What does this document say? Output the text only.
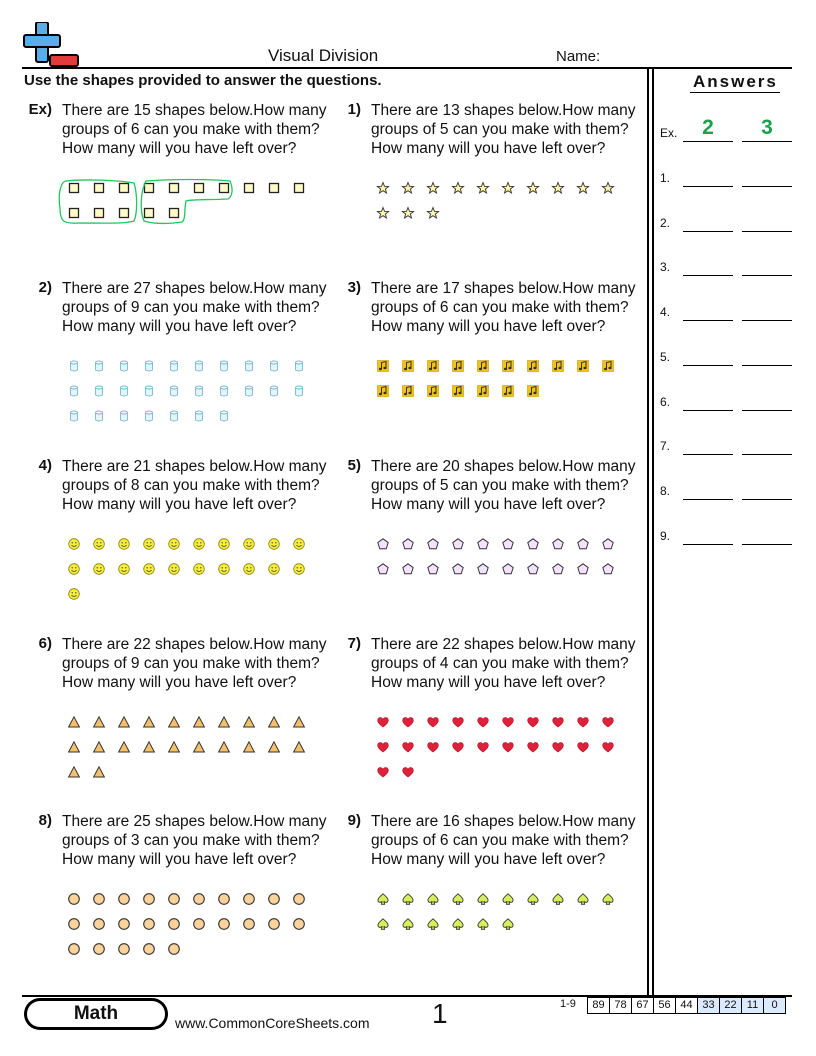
Visual Division	Name:
Use the shapes provided to answer the questions.	Answers
Ex.	2	3
1.
2.
3.
4.
5.
6.
7.
8.
9.
Ex) There are 15 shapes below.How many groups of 6 can you make with them?How many will you have left over?
1) There are 13 shapes below.How many groups of 5 can you make with them?How many will you have left over?
2) There are 27 shapes below.How many groups of 9 can you make with them?How many will you have left over?
3) There are 17 shapes below.How many groups of 6 can you make with them?How many will you have left over?
4) There are 21 shapes below.How many groups of 8 can you make with them?How many will you have left over?
5) There are 20 shapes below.How many groups of 5 can you make with them?How many will you have left over?
6) There are 22 shapes below.How many groups of 9 can you make with them?How many will you have left over?
7) There are 22 shapes below.How many groups of 4 can you make with them?How many will you have left over?
8) There are 25 shapes below.How many groups of 3 can you make with them?How many will you have left over?
9) There are 16 shapes below.How many groups of 6 can you make with them?How many will you have left over?
Math	www.CommonCoreSheets.com 1	1-9	89 78 67 56 44 33 22 11	0
